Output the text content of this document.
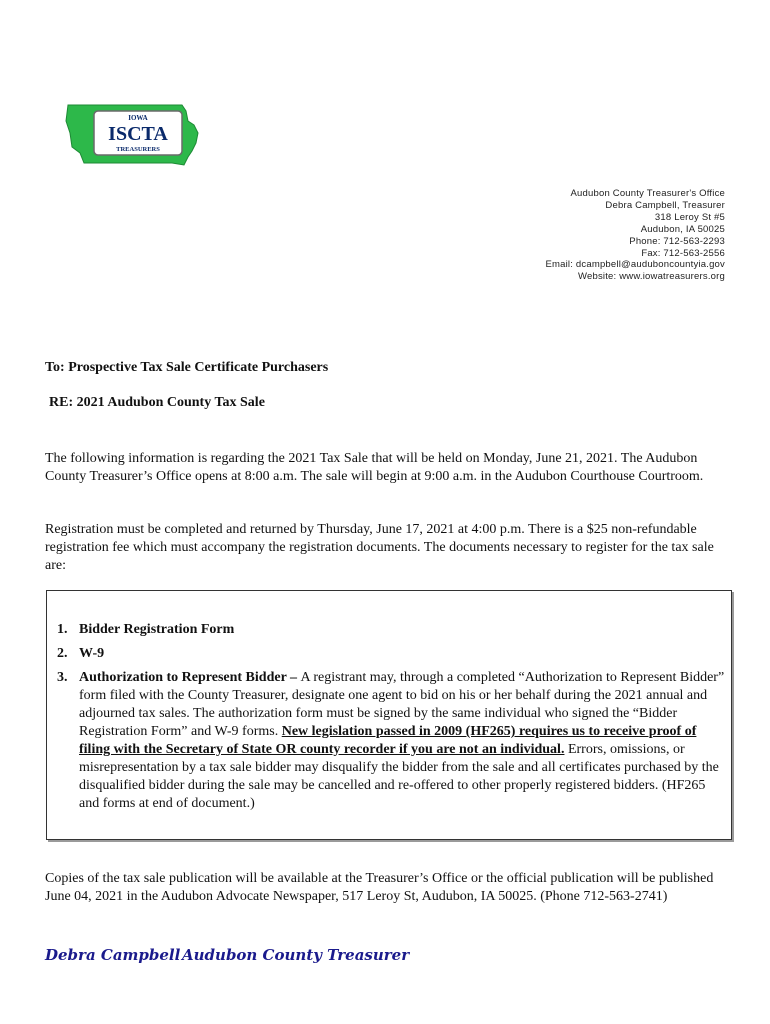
IOWA
ISCTA
TREASURERS
Audubon County Treasurer's Office
Debra Campbell, Treasurer
318 Leroy St #5
Audubon, IA 50025
Phone: 712-563-2293
Fax: 712-563-2556
Email: dcampbell@auduboncountyia.gov
Website: www.iowatreasurers.org
To: Prospective Tax Sale Certificate Purchasers
RE: 2021 Audubon County Tax Sale

The following information is regarding the 2021 Tax Sale that will be held on Monday, June 21, 2021. The Audubon County Treasurer’s Office opens at 8:00 a.m. The sale will begin at 9:00 a.m. in the Audubon Courthouse Courtroom.

Registration must be completed and returned by Thursday, June 17, 2021 at 4:00 p.m. There is a $25 non-refundable registration fee which must accompany the registration documents. The documents necessary to register for the tax sale are:

1. Bidder Registration Form
2. W-9
3. Authorization to Represent Bidder – A registrant may, through a completed “Authorization to Represent Bidder” form filed with the County Treasurer, designate one agent to bid on his or her behalf during the 2021 annual and adjourned tax sales. The authorization form must be signed by the same individual who signed the “Bidder Registration Form” and W-9 forms. New legislation passed in 2009 (HF265) requires us to receive proof of filing with the Secretary of State OR county recorder if you are not an individual. Errors, omissions, or misrepresentation by a tax sale bidder may disqualify the bidder from the sale and all certificates purchased by the disqualified bidder during the sale may be cancelled and re-offered to other properly registered bidders. (HF265 and forms at end of document.)

Copies of the tax sale publication will be available at the Treasurer’s Office or the official publication will be published June 04, 2021 in the Audubon Advocate Newspaper, 517 Leroy St, Audubon, IA 50025. (Phone 712-563-2741)

Debra Campbell Audubon County Treasurer
